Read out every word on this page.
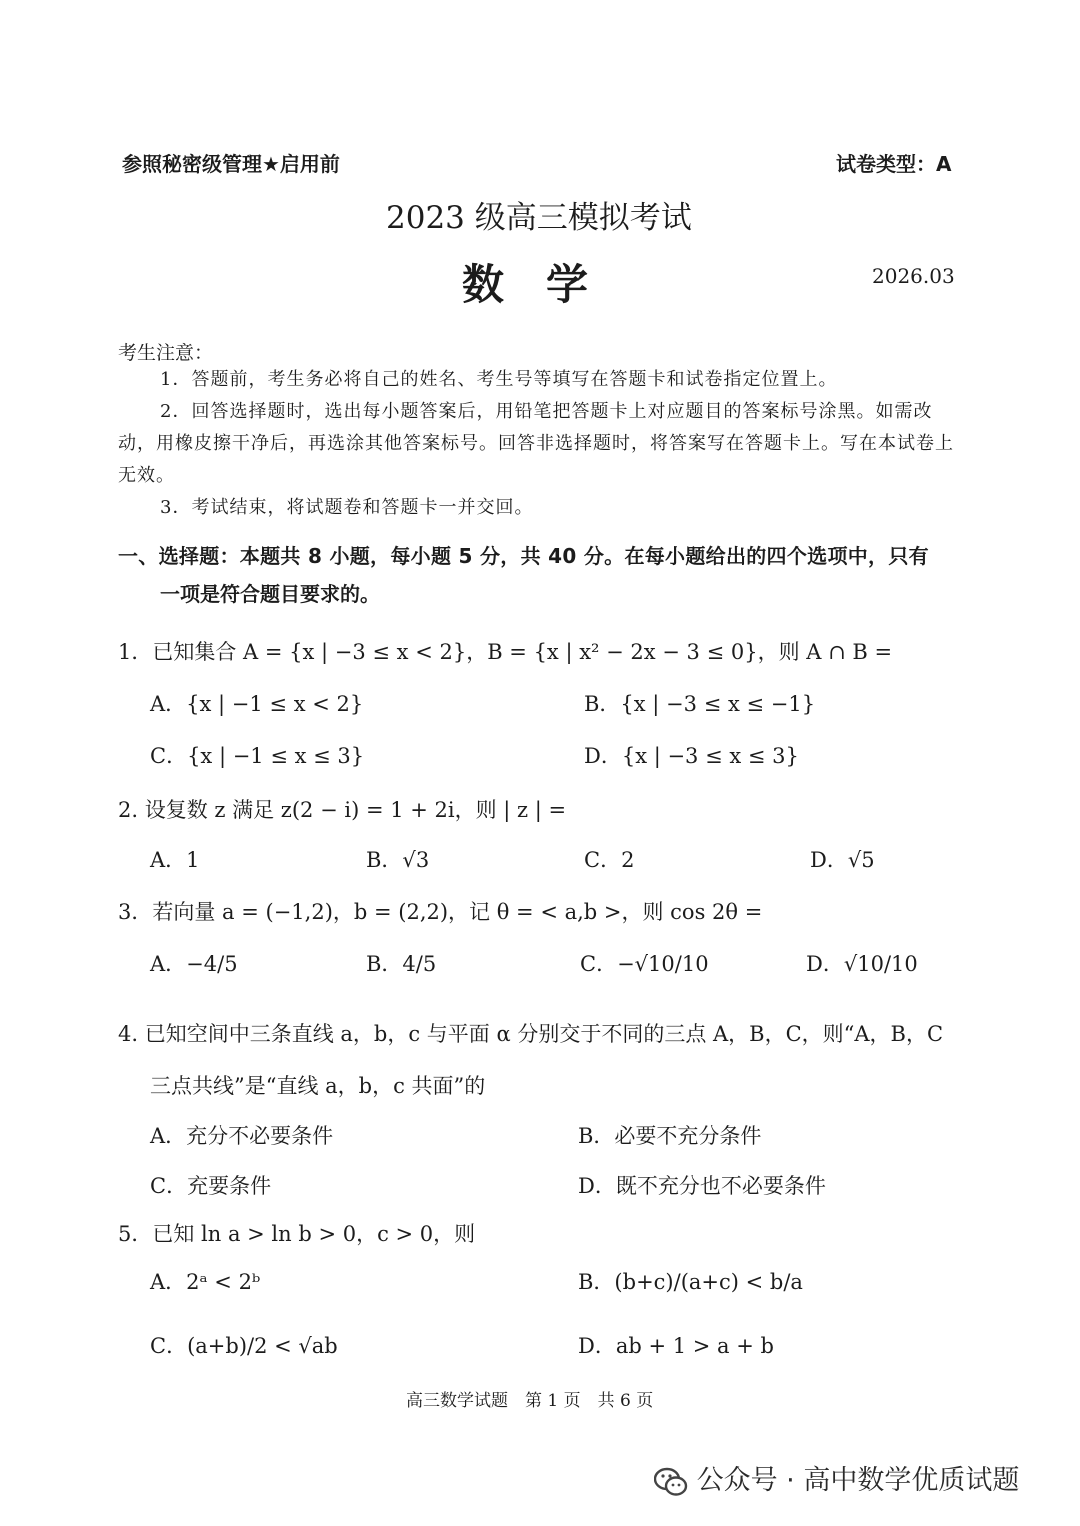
参照秘密级管理★启用前	试卷类型：A
2023 级高三模拟考试
数　学	2026.03
考生注意：
1．答题前，考生务必将自己的姓名、考生号等填写在答题卡和试卷指定位置上。
2．回答选择题时，选出每小题答案后，用铅笔把答题卡上对应题目的答案标号涂黑。如需改动，用橡皮擦干净后，再选涂其他答案标号。回答非选择题时，将答案写在答题卡上。写在本试卷上无效。
3．考试结束，将试题卷和答题卡一并交回。
一、选择题：本题共 8 小题，每小题 5 分，共 40 分。在每小题给出的四个选项中，只有
一项是符合题目要求的。
1．已知集合 A = {x | −3 ≤ x < 2}，B = {x | x² − 2x − 3 ≤ 0}，则 A ∩ B =
A．{x | −1 ≤ x < 2}	B．{x | −3 ≤ x ≤ −1}
C．{x | −1 ≤ x ≤ 3}	D．{x | −3 ≤ x ≤ 3}
2. 设复数 z 满足 z(2 − i) = 1 + 2i，则 | z | =
A．1	B．√3	C．2	D．√5
3．若向量 a = (−1,2)，b = (2,2)，记 θ = < a,b >，则 cos 2θ =
A．−4/5	B．4/5	C．−√10/10	D．√10/10
4. 已知空间中三条直线 a，b，c 与平面 α 分别交于不同的三点 A，B，C，则“A，B，C
三点共线”是“直线 a，b，c 共面”的
A．充分不必要条件	B．必要不充分条件
C．充要条件	D．既不充分也不必要条件
5．已知 ln a > ln b > 0，c > 0，则
A．2ᵃ < 2ᵇ	B．(b+c)/(a+c) < b/a
C．(a+b)/2 < √ab	D．ab + 1 > a + b
高三数学试题　第 1 页　共 6 页
公众号 · 高中数学优质试题
